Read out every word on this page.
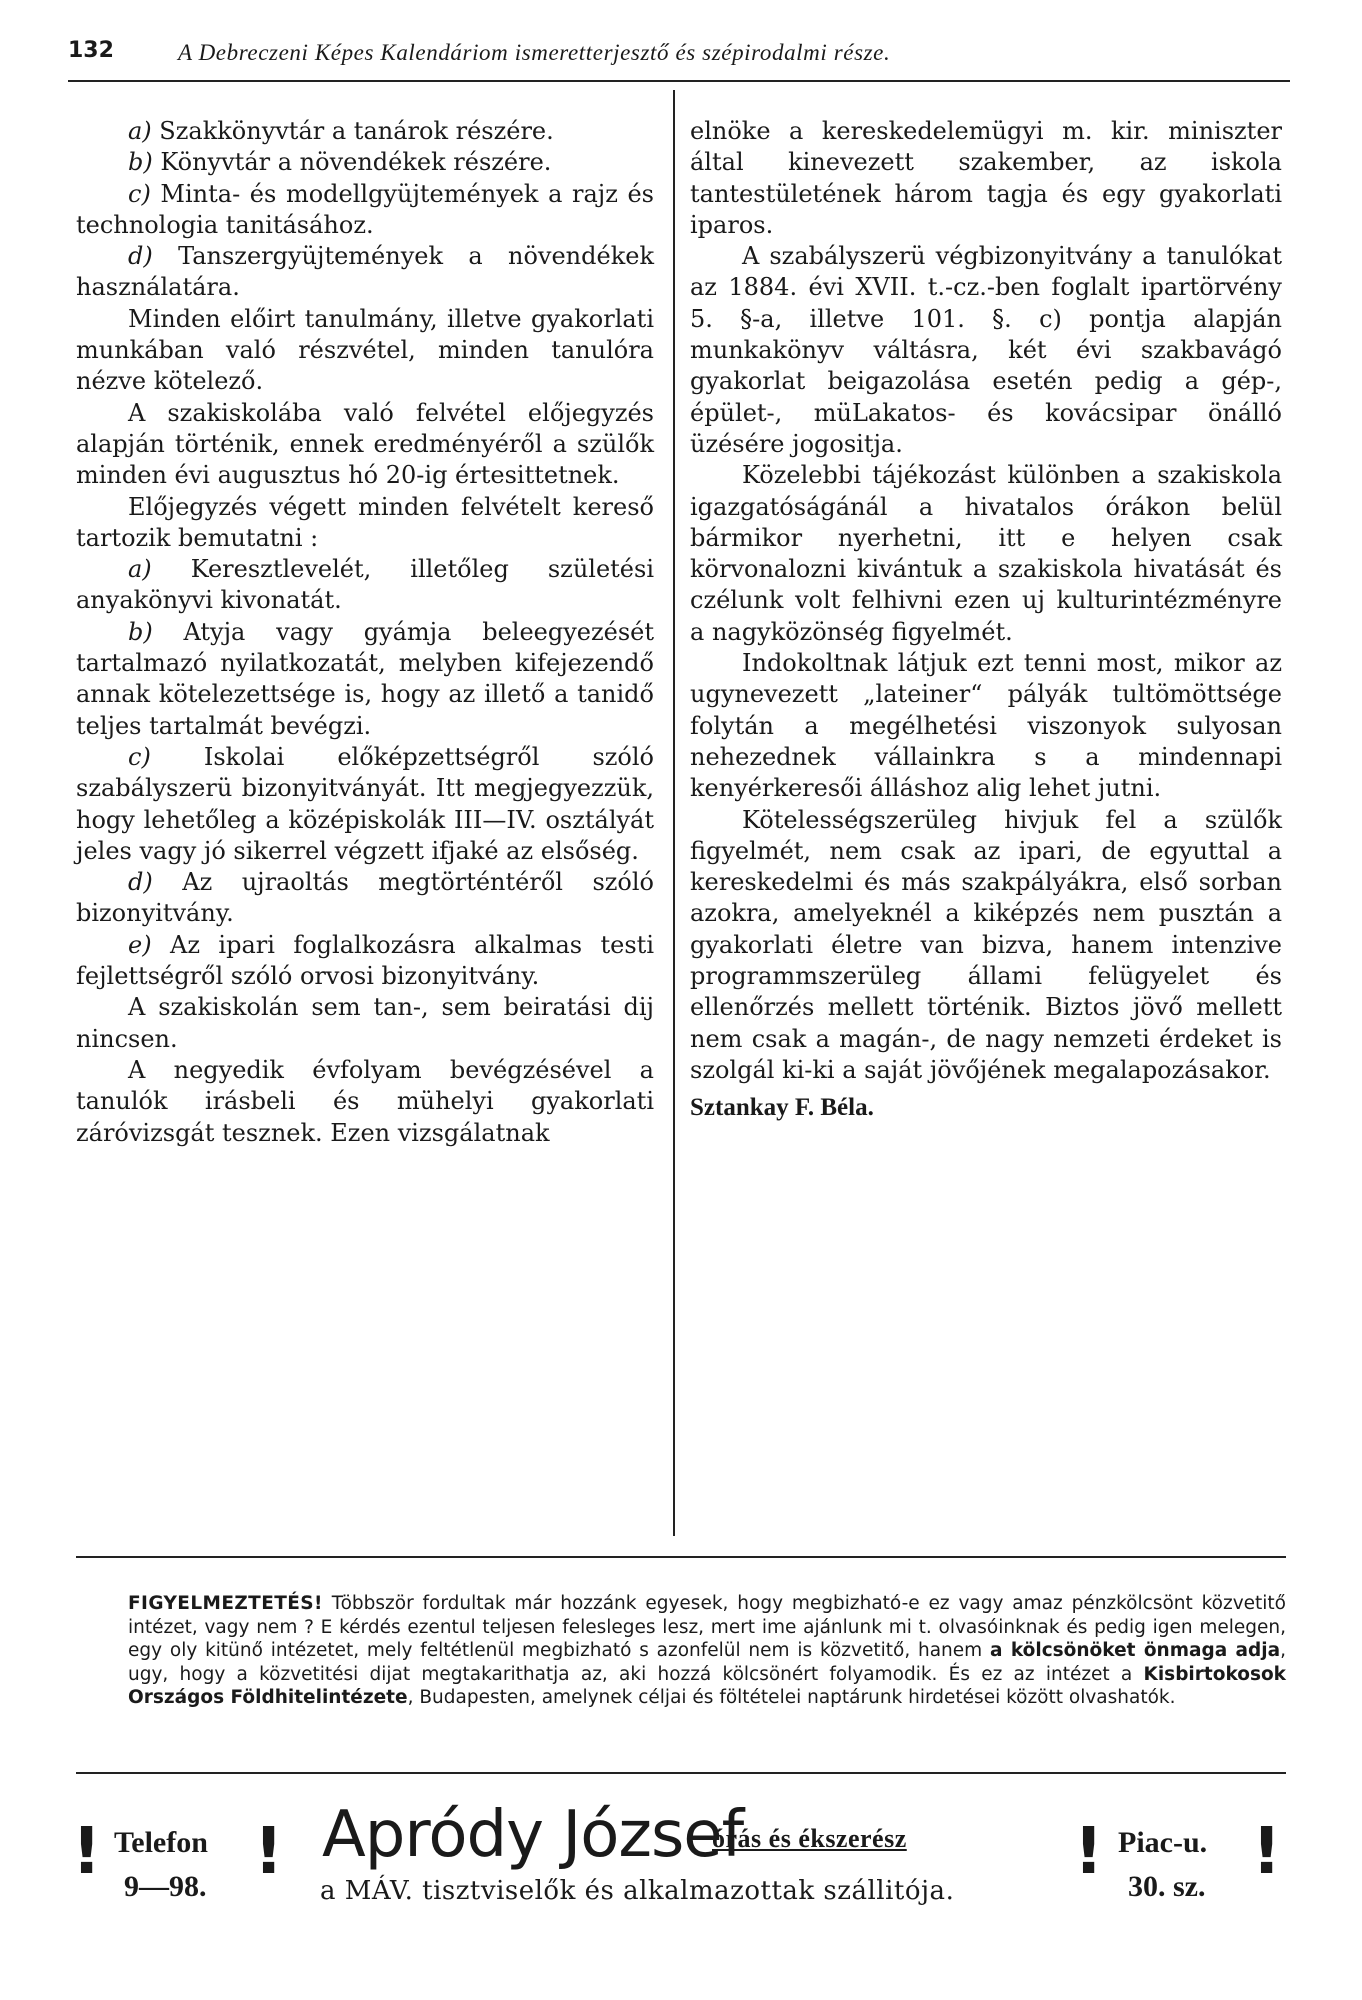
132	A Debreczeni Képes Kalendáriom ismeretterjesztő és szépirodalmi része.

a) Szakkönyvtár a tanárok részére.

b) Könyvtár a növendékek részére.

c) Minta- és modellgyüjtemények a rajz és technologia tanitásához.

d) Tanszergyüjtemények a növendékek használatára.

Minden előirt tanulmány, illetve gyakorlati munkában való részvétel, minden tanulóra nézve kötelező.

A szakiskolába való felvétel előjegyzés alapján történik, ennek eredményéről a szülők minden évi augusztus hó 20-ig értesittetnek.

Előjegyzés végett minden felvételt kereső tartozik bemutatni :

a) Keresztlevelét, illetőleg születési anyakönyvi kivonatát.

b) Atyja vagy gyámja beleegyezését tartalmazó nyilatkozatát, melyben kifejezendő annak kötelezettsége is, hogy az illető a tanidő teljes tartalmát bevégzi.

c) Iskolai előképzettségről szóló szabályszerü bizonyitványát. Itt megjegyezzük, hogy lehetőleg a középiskolák III—IV. osztályát jeles vagy jó sikerrel végzett ifjaké az elsőség.

d) Az ujraoltás megtörténtéről szóló bizonyitvány.

e) Az ipari foglalkozásra alkalmas testi fejlettségről szóló orvosi bizonyitvány.

A szakiskolán sem tan-, sem beiratási dij nincsen.

A negyedik évfolyam bevégzésével a tanulók irásbeli és mühelyi gyakorlati záróvizsgát tesznek. Ezen vizsgálatnak

elnöke a kereskedelemügyi m. kir. miniszter által kinevezett szakember, az iskola tantestületének három tagja és egy gyakorlati iparos.

A szabályszerü végbizonyitvány a tanulókat az 1884. évi XVII. t.-cz.-ben foglalt ipartörvény 5. §-a, illetve 101. §. c) pontja alapján munkakönyv váltásra, két évi szakbavágó gyakorlat beigazolása esetén pedig a gép-, épület-, müLakatos- és kovácsipar önálló üzésére jogositja.

Közelebbi tájékozást különben a szakiskola igazgatóságánál a hivatalos órákon belül bármikor nyerhetni, itt e helyen csak körvonalozni kivántuk a szakiskola hivatását és czélunk volt felhivni ezen uj kulturintézményre a nagyközönség figyelmét.

Indokoltnak látjuk ezt tenni most, mikor az ugynevezett „lateiner“ pályák tultömöttsége folytán a megélhetési viszonyok sulyosan nehezednek vállainkra s a mindennapi kenyérkeresői álláshoz alig lehet jutni.

Kötelességszerüleg hivjuk fel a szülők figyelmét, nem csak az ipari, de egyuttal a kereskedelmi és más szakpályákra, első sorban azokra, amelyeknél a kiképzés nem pusztán a gyakorlati életre van bizva, hanem intenzive programmszerüleg állami felügyelet és ellenőrzés mellett történik. Biztos jövő mellett nem csak a magán-, de nagy nemzeti érdeket is szolgál ki-ki a saját jövőjének megalapozásakor.

Sztankay F. Béla.

FIGYELMEZTETÉS! Többször fordultak már hozzánk egyesek, hogy megbizható-e ez vagy amaz pénzkölcsönt közvetitő intézet, vagy nem ? E kérdés ezentul teljesen felesleges lesz, mert ime ajánlunk mi t. olvasóinknak és pedig igen melegen, egy oly kitünő intézetet, mely feltétlenül megbizható s azonfelül nem is közvetitő, hanem a kölcsönöket önmaga adja, ugy, hogy a közvetitési dijat megtakarithatja az, aki hozzá kölcsönért folyamodik. És ez az intézet a Kisbirtokosok Országos Földhitelintézete, Budapesten, amelynek céljai és föltételei naptárunk hirdetései között olvashatók.
! Telefon
9—98. ! Apródy József
órás és ékszerész
a MÁV. tisztviselők és alkalmazottak szállitója.
! Piac-u.
30. sz. !
